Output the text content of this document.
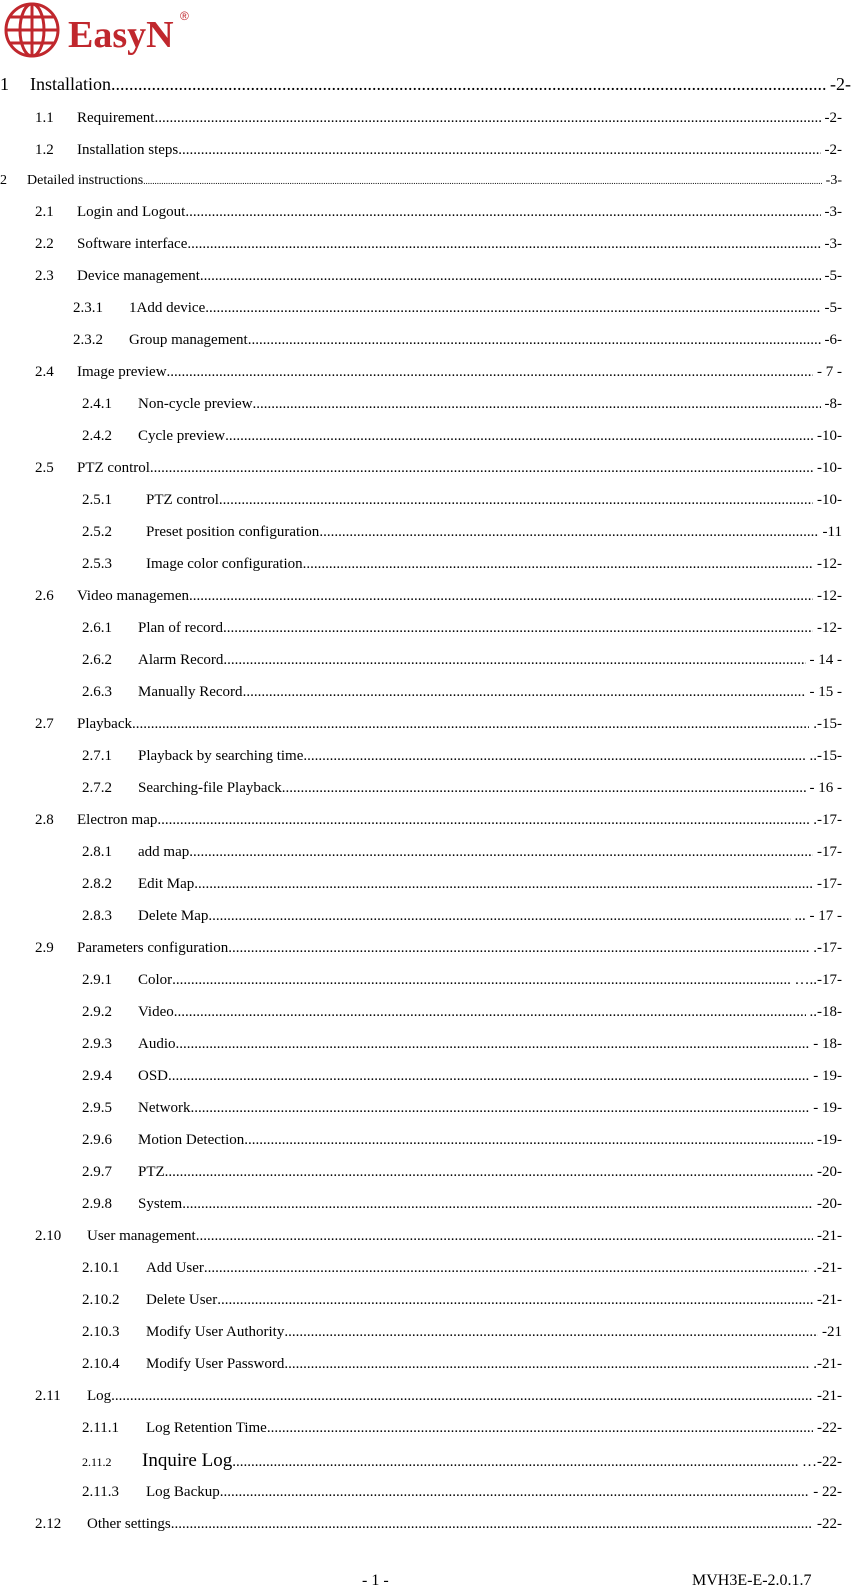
EasyN ®
1	Installation .....	-2-
1.1	Requirement .....	-2-
1.2	Installation steps .....	-2-
2	Detailed instructions .....	-3-
2.1	Login and Logout .....	-3-
2.2	Software interface .....	-3-
2.3	Device management .....	-5-
2.3.1	1Add device .....	-5-
2.3.2	Group management .....	-6-
2.4	Image preview .....	- 7 -
2.4.1	Non-cycle preview .....	-8-
2.4.2	Cycle preview .....	-10-
2.5	PTZ control .....	-10-
2.5.1	PTZ control .....	-10-
2.5.2	Preset position configuration .....	-11
2.5.3	Image color configuration .....	-12-
2.6	Video managemen .....	-12-
2.6.1	Plan of record .....	-12-
2.6.2	Alarm Record .....	- 14 -
2.6.3	Manually Record .....	- 15 -
2.7	Playback .....	.-15-
2.7.1	Playback by searching time .....	..-15-
2.7.2	Searching-file Playback .....	- 16 -
2.8	Electron map .....	.-17-
2.8.1	add map .....	-17-
2.8.2	Edit Map .....	-17-
2.8.3	Delete Map .....	... - 17 -
2.9	Parameters configuration .....	.-17-
2.9.1	Color .....	…..-17-
2.9.2	Video .....	..-18-
2.9.3	Audio .....	- 18-
2.9.4	OSD .....	- 19-
2.9.5	Network .....	- 19-
2.9.6	Motion Detection .....	-19-
2.9.7	PTZ .....	-20-
2.9.8	System .....	-20-
2.10	User management .....	-21-
2.10.1	Add User .....	.-21-
2.10.2	Delete User .....	-21-
2.10.3	Modify User Authority .....	-21
2.10.4	Modify User Password .....	.-21-
2.11	Log .....	-21-
2.11.1	Log Retention Time .....	-22-
2.11.2	Inquire Log .....	…-22-
2.11.3	Log Backup .....	- 22-
2.12	Other settings .....	-22-
- 1 -	MVH3E-E-2.0.1.7
